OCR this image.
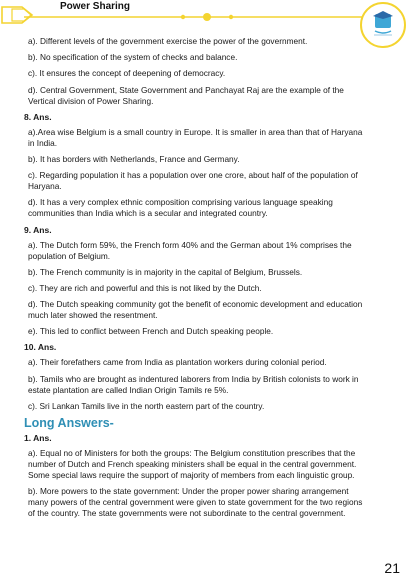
Power Sharing
a). Different levels of the government exercise the power of the government.
b). No specification of the system of checks and balance.
c). It ensures the concept of deepening of democracy.
d). Central Government, State Government and Panchayat Raj are the example of the Vertical division of Power Sharing.
8. Ans.
a).Area wise Belgium is a small country in Europe. It is smaller in area than that of Haryana in India.
b). It has borders with Netherlands, France and Germany.
c). Regarding population it has a population over one crore, about half of the population of Haryana.
d). It has a very complex ethnic composition comprising various language speaking communities than India which is a secular and integrated country.
9. Ans.
a). The Dutch form 59%, the French form 40% and the German about 1% comprises the population of Belgium.
b). The French community is in majority in the capital of Belgium, Brussels.
c). They are rich and powerful and this is not liked by the Dutch.
d). The Dutch speaking community got the benefit of economic development and education much later showed the resentment.
e). This led to conflict between French and Dutch speaking people.
10. Ans.
a). Their forefathers came from India as plantation workers during colonial period.
b). Tamils who are brought as indentured laborers from India by British colonists to work in estate plantation are called Indian Origin Tamils re 5%.
c). Sri Lankan Tamils live in the north eastern part of the country.
Long Answers-
1. Ans.
a). Equal no of Ministers for both the groups: The Belgium constitution prescribes that the number of Dutch and French speaking ministers shall be equal in the central government. Some special laws require the support of majority of members from each linguistic group.
b). More powers to the state government: Under the proper power sharing arrangement many powers of the central government were given to state government for the two regions of the country. The state governments were not subordinate to the central government.
21
